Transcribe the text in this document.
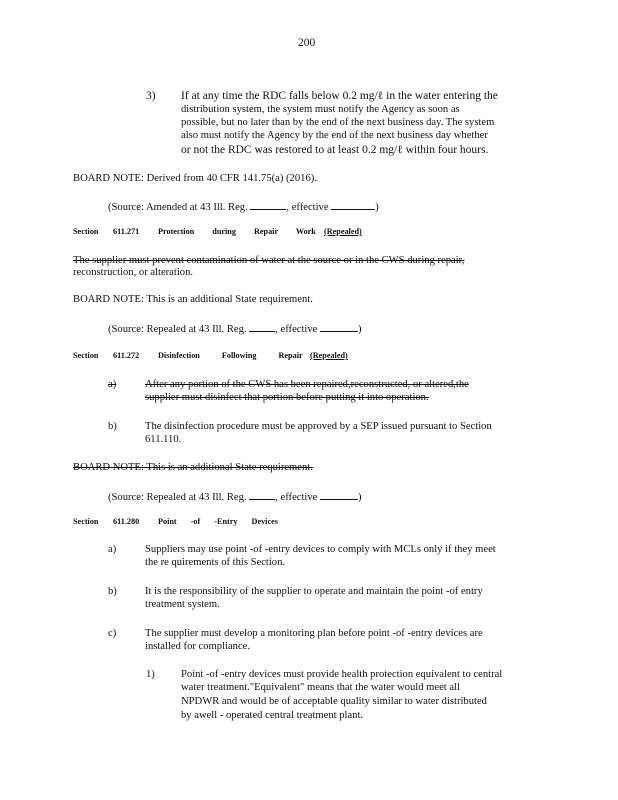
200
3) If at any time the RDC falls below 0.2 mg/ℓ in the water entering the
distribution system, the system must notify the Agency as soon as
possible, but no later than by the end of the next business day. The system
also must notify the Agency by the end of the next business day whether
or not the RDC was restored to at least 0.2 mg/ℓ within four hours.
BOARD NOTE: Derived from 40 CFR 141.75(a) (2016).
(Source: Amended at 43 Ill. Reg.	, effective	)
Section 611.271 Protection during Repair Work (Repealed)
The supplier must prevent contamination of water at the source or in the CWS during repair,
reconstruction, or alteration.
BOARD NOTE: This is an additional State requirement.
(Source: Repealed at 43 Ill. Reg.	, effective	)
Section 611.272 Disinfection Following Repair (Repealed)
a)	After any portion of the CWS has been repaired,reconstructed, or altered,the
supplier must disinfect that portion before putting it into operation.
b)	The disinfection procedure must be approved by a SEP issued pursuant to Section
611.110.
BOARD NOTE: This is an additional State requirement.
(Source: Repealed at 43 Ill. Reg.	, effective	)
Section 611.280 Point -of -Entry Devices
a)	Suppliers may use point -of -entry devices to comply with MCLs only if they meet
the re quirements of this Section.
b)	It is the responsibility of the supplier to operate and maintain the point -of entry
treatment system.
c)	The supplier must develop a monitoring plan before point -of -entry devices are
installed for compliance.
1) Point -of -entry devices must provide health protection equivalent to central
water treatment."Equivalent" means that the water would meet all
NPDWR and would be of acceptable quality similar to water distributed
by awell - operated central treatment plant.
